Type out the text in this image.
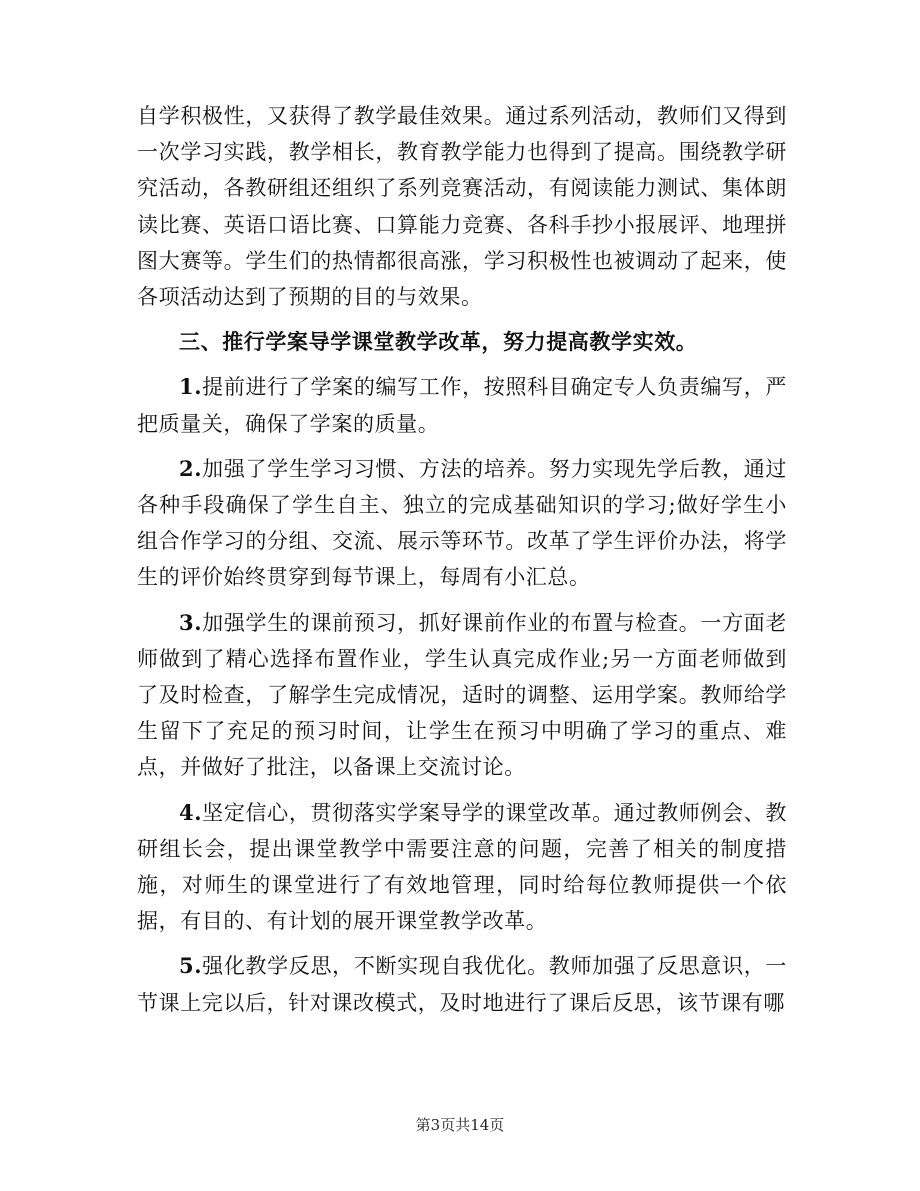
自学积极性，又获得了教学最佳效果。通过系列活动，教师们又得到一次学习实践，教学相长，教育教学能力也得到了提高。围绕教学研究活动，各教研组还组织了系列竞赛活动，有阅读能力测试、集体朗读比赛、英语口语比赛、口算能力竞赛、各科手抄小报展评、地理拼图大赛等。学生们的热情都很高涨，学习积极性也被调动了起来，使各项活动达到了预期的目的与效果。

三、推行学案导学课堂教学改革，努力提高教学实效。

1.提前进行了学案的编写工作，按照科目确定专人负责编写，严把质量关，确保了学案的质量。

2.加强了学生学习习惯、方法的培养。努力实现先学后教，通过各种手段确保了学生自主、独立的完成基础知识的学习;做好学生小组合作学习的分组、交流、展示等环节。改革了学生评价办法，将学生的评价始终贯穿到每节课上，每周有小汇总。

3.加强学生的课前预习，抓好课前作业的布置与检查。一方面老师做到了精心选择布置作业，学生认真完成作业;另一方面老师做到了及时检查，了解学生完成情况，适时的调整、运用学案。教师给学生留下了充足的预习时间，让学生在预习中明确了学习的重点、难点，并做好了批注，以备课上交流讨论。

4.坚定信心，贯彻落实学案导学的课堂改革。通过教师例会、教研组长会，提出课堂教学中需要注意的问题，完善了相关的制度措施，对师生的课堂进行了有效地管理，同时给每位教师提供一个依据，有目的、有计划的展开课堂教学改革。

5.强化教学反思，不断实现自我优化。教师加强了反思意识，一节课上完以后，针对课改模式，及时地进行了课后反思，该节课有哪

第3页共14页
